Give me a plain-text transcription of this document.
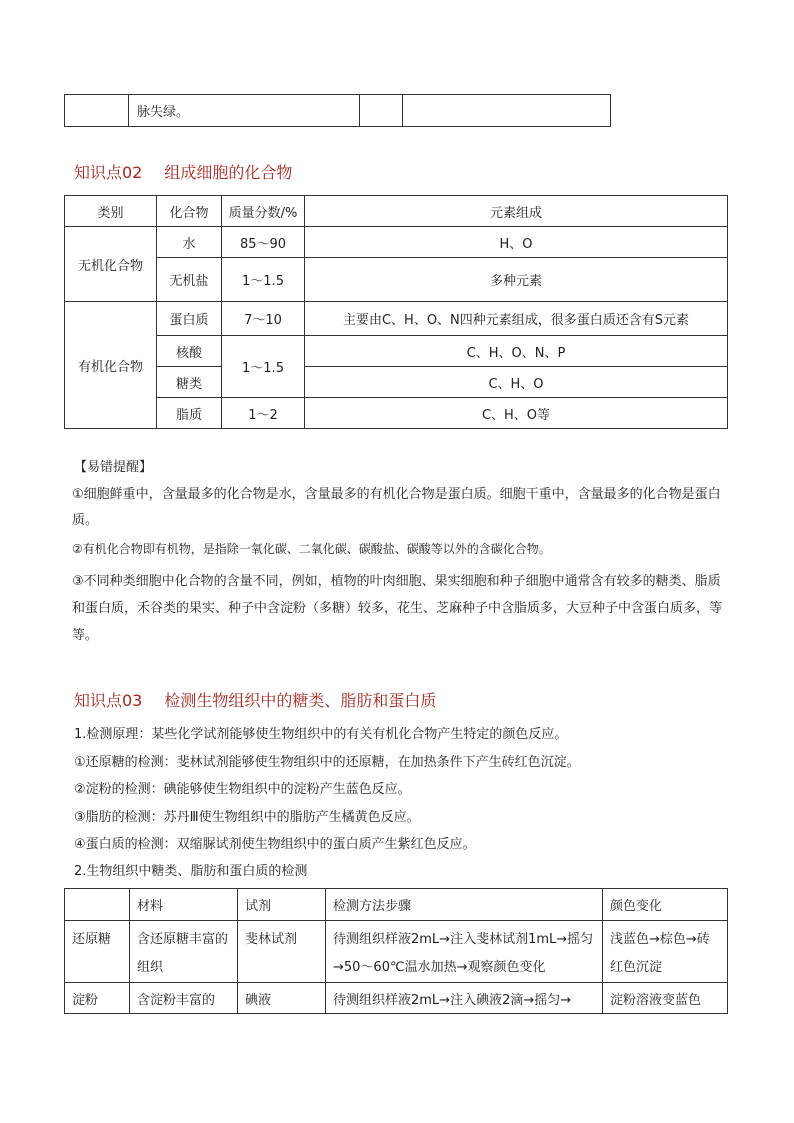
	脉失绿。		
知识点02 组成细胞的化合物
类别	化合物	质量分数/%	元素组成
无机化合物	水	85～90	H、O
	无机盐	1～1.5	多种元素
有机化合物	蛋白质	7～10	主要由C、H、O、N四种元素组成，很多蛋白质还含有S元素
	核酸	1～1.5	C、H、O、N、P
	糖类		C、H、O
	脂质	1～2	C、H、O等
【易错提醒】
①细胞鲜重中，含量最多的化合物是水，含量最多的有机化合物是蛋白质。细胞干重中，含量最多的化合物是蛋白质。
②有机化合物即有机物，是指除一氧化碳、二氧化碳、碳酸盐、碳酸等以外的含碳化合物。
③不同种类细胞中化合物的含量不同，例如，植物的叶肉细胞、果实细胞和种子细胞中通常含有较多的糖类、脂质和蛋白质，禾谷类的果实、种子中含淀粉（多糖）较多，花生、芝麻种子中含脂质多，大豆种子中含蛋白质多，等等。
知识点03 检测生物组织中的糖类、脂肪和蛋白质
1.检测原理：某些化学试剂能够使生物组织中的有关有机化合物产生特定的颜色反应。
①还原糖的检测：斐林试剂能够使生物组织中的还原糖，在加热条件下产生砖红色沉淀。
②淀粉的检测：碘能够使生物组织中的淀粉产生蓝色反应。
③脂肪的检测：苏丹Ⅲ使生物组织中的脂肪产生橘黄色反应。
④蛋白质的检测：双缩脲试剂使生物组织中的蛋白质产生紫红色反应。
2.生物组织中糖类、脂肪和蛋白质的检测
	材料	试剂	检测方法步骤	颜色变化
还原糖	含还原糖丰富的组织	斐林试剂	待测组织样液2mL→注入斐林试剂1mL→摇匀→50～60℃温水加热→观察颜色变化	浅蓝色→棕色→砖红色沉淀
淀粉	含淀粉丰富的	碘液	待测组织样液2mL→注入碘液2滴→摇匀→	淀粉溶液变蓝色
